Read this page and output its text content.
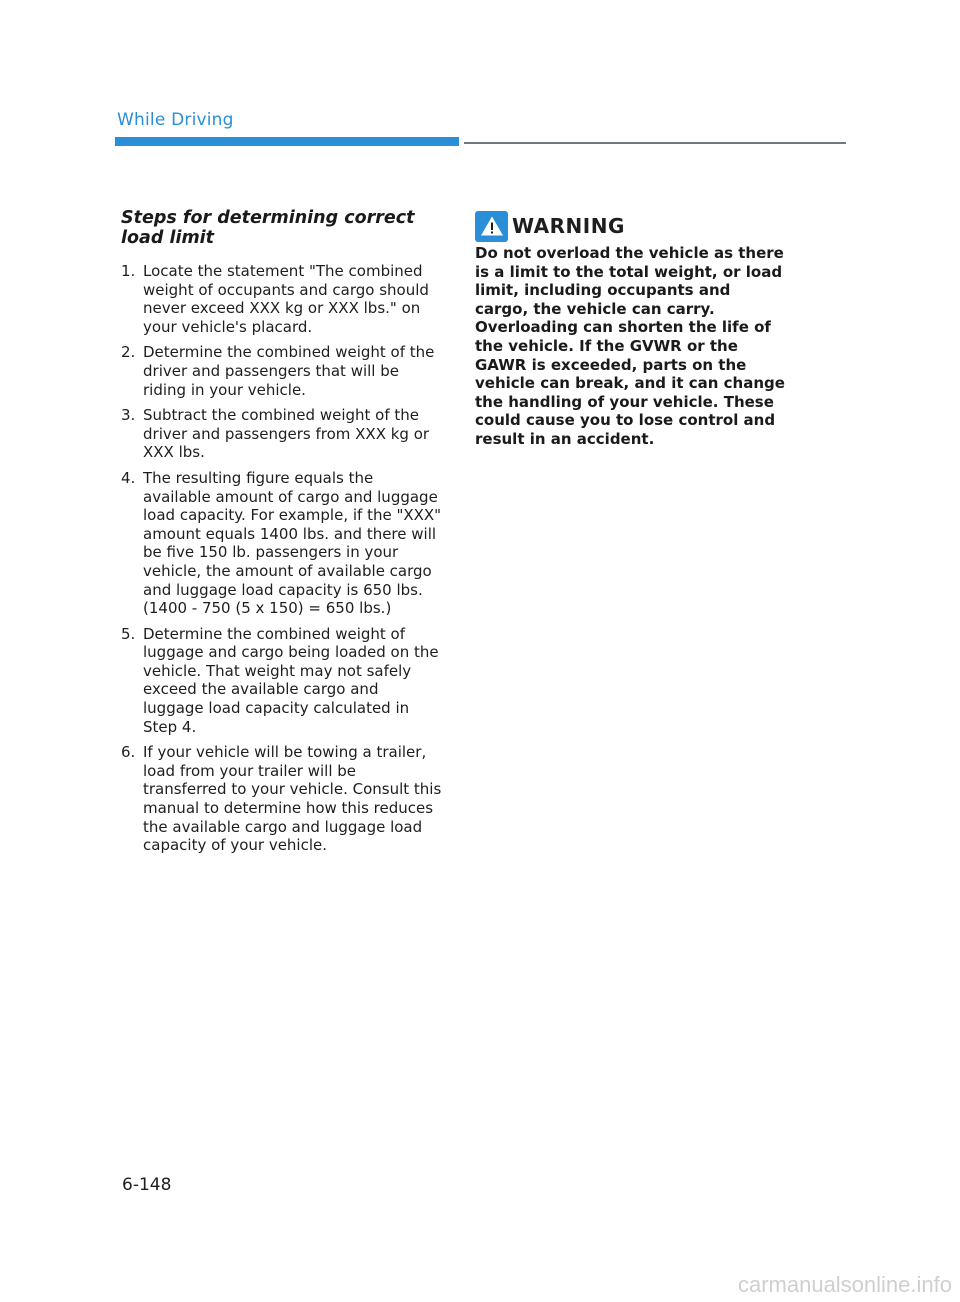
While Driving
Steps for determining correct load limit
1. Locate the statement "The combined weight of occupants and cargo should never exceed XXX kg or XXX lbs." on your vehicle's placard.
2. Determine the combined weight of the driver and passengers that will be riding in your vehicle.
3. Subtract the combined weight of the driver and passengers from XXX kg or XXX lbs.
4. The resulting figure equals the available amount of cargo and luggage load capacity. For example, if the "XXX" amount equals 1400 lbs. and there will be five 150 lb. passengers in your vehicle, the amount of available cargo and luggage load capacity is 650 lbs. (1400 - 750 (5 x 150) = 650 lbs.)
5. Determine the combined weight of luggage and cargo being loaded on the vehicle. That weight may not safely exceed the available cargo and luggage load capacity calculated in Step 4.
6. If your vehicle will be towing a trailer, load from your trailer will be transferred to your vehicle. Consult this manual to determine how this reduces the available cargo and luggage load capacity of your vehicle.
WARNING

Do not overload the vehicle as there is a limit to the total weight, or load limit, including occupants and cargo, the vehicle can carry. Overloading can shorten the life of the vehicle. If the GVWR or the GAWR is exceeded, parts on the vehicle can break, and it can change the handling of your vehicle. These could cause you to lose control and result in an accident.

6-148
carmanualsonline.info
